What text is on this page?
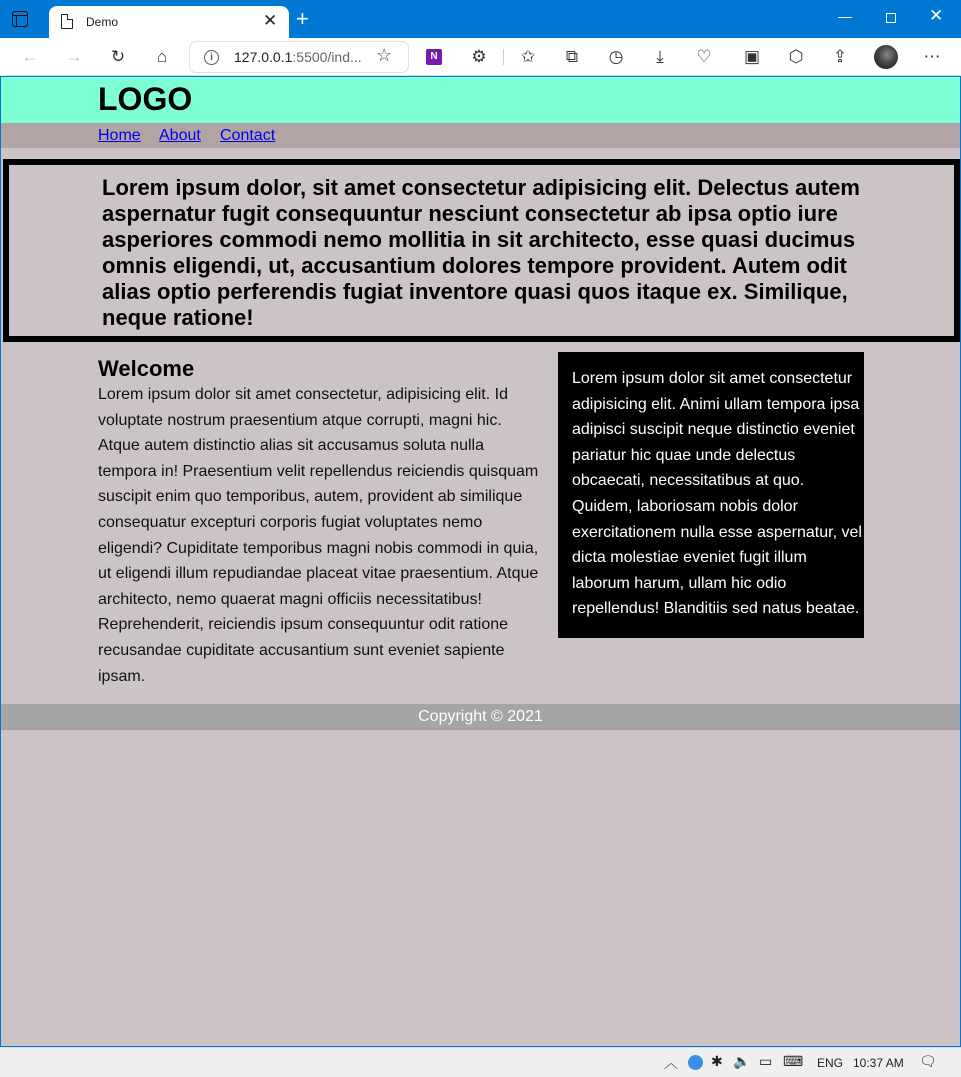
Demo	✕ +	—	✕
← → ↻	⌂	i	127.0.0.1:5500/ind... ☆	N ⚙ ✩	⧉	◷	⤓	♡ ▣ ⬡ ⇪	⋯
LOGO
Home About Contact

Lorem ipsum dolor, sit amet consectetur adipisicing elit. Delectus autem aspernatur fugit consequuntur nesciunt consectetur ab ipsa optio iure asperiores commodi nemo mollitia in sit architecto, esse quasi ducimus omnis eligendi, ut, accusantium dolores tempore provident. Autem odit alias optio perferendis fugiat inventore quasi quos itaque ex. Similique, neque ratione!

Welcome

Lorem ipsum dolor sit amet consectetur, adipisicing elit. Id voluptate nostrum praesentium atque corrupti, magni hic. Atque autem distinctio alias sit accusamus soluta nulla tempora in! Praesentium velit repellendus reiciendis quisquam suscipit enim quo temporibus, autem, provident ab similique consequatur excepturi corporis fugiat voluptates nemo eligendi? Cupiditate temporibus magni nobis commodi in quia, ut eligendi illum repudiandae placeat vitae praesentium. Atque architecto, nemo quaerat magni officiis necessitatibus! Reprehenderit, reiciendis ipsum consequuntur odit ratione recusandae cupiditate accusantium sunt eveniet sapiente ipsam.

Lorem ipsum dolor sit amet consectetur adipisicing elit. Animi ullam tempora ipsa adipisci suscipit neque distinctio eveniet pariatur hic quae unde delectus obcaecati, necessitatibus at quo. Quidem, laboriosam nobis dolor exercitationem nulla esse aspernatur, vel dicta molestiae eveniet fugit illum laborum harum, ullam hic odio repellendus! Blanditiis sed natus beatae.

Copyright © 2021
︿ ✱ 🔈 ▭ ⌨ ENG 10:37 AM 🗨
